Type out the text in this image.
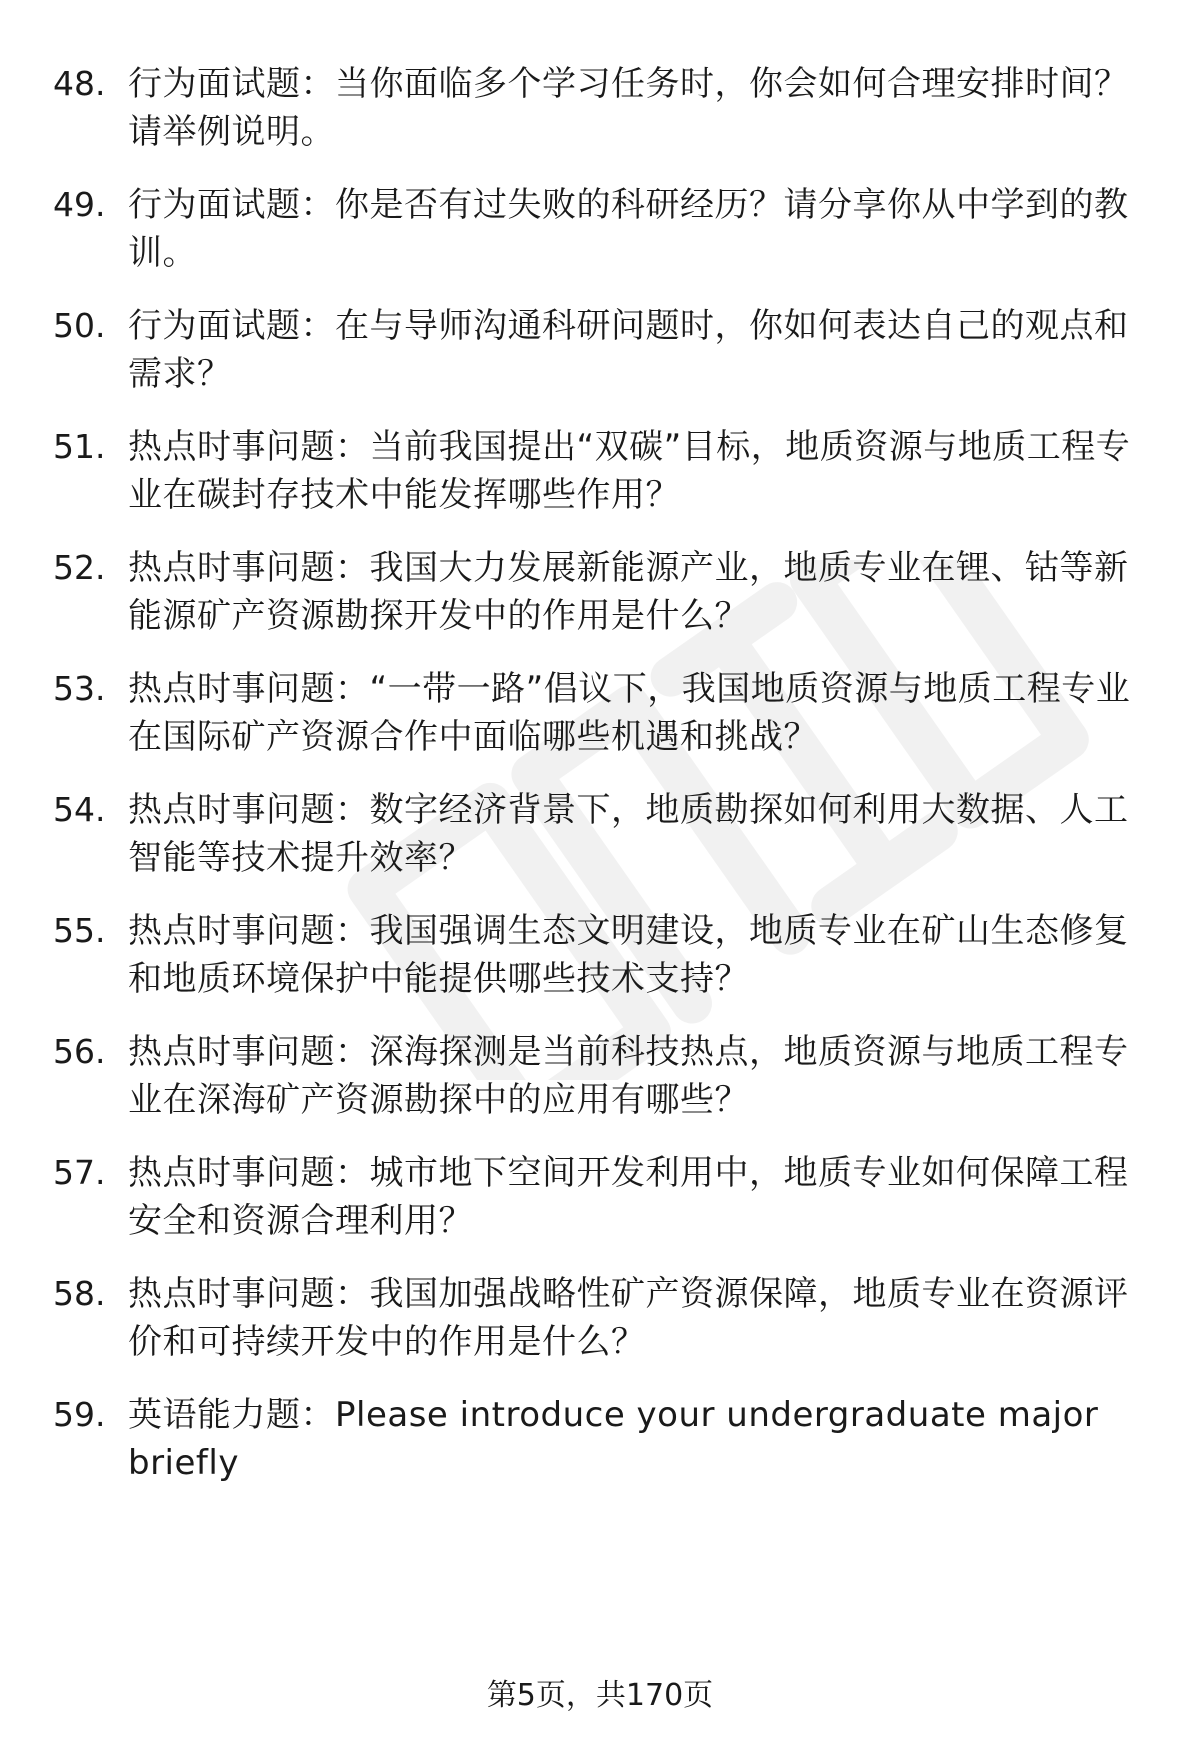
48. 行为面试题：当你面临多个学习任务时，你会如何合理安排时间？请举例说明。
49. 行为面试题：你是否有过失败的科研经历？请分享你从中学到的教训。
50. 行为面试题：在与导师沟通科研问题时，你如何表达自己的观点和需求？
51. 热点时事问题：当前我国提出“双碳”目标，地质资源与地质工程专业在碳封存技术中能发挥哪些作用？
52. 热点时事问题：我国大力发展新能源产业，地质专业在锂、钴等新能源矿产资源勘探开发中的作用是什么？
53. 热点时事问题：“一带一路”倡议下，我国地质资源与地质工程专业在国际矿产资源合作中面临哪些机遇和挑战？
54. 热点时事问题：数字经济背景下，地质勘探如何利用大数据、人工智能等技术提升效率？
55. 热点时事问题：我国强调生态文明建设，地质专业在矿山生态修复和地质环境保护中能提供哪些技术支持？
56. 热点时事问题：深海探测是当前科技热点，地质资源与地质工程专业在深海矿产资源勘探中的应用有哪些？
57. 热点时事问题：城市地下空间开发利用中，地质专业如何保障工程安全和资源合理利用？
58. 热点时事问题：我国加强战略性矿产资源保障，地质专业在资源评价和可持续开发中的作用是什么？
59. 英语能力题：Please introduce your undergraduate major briefly
第5页，共170页
